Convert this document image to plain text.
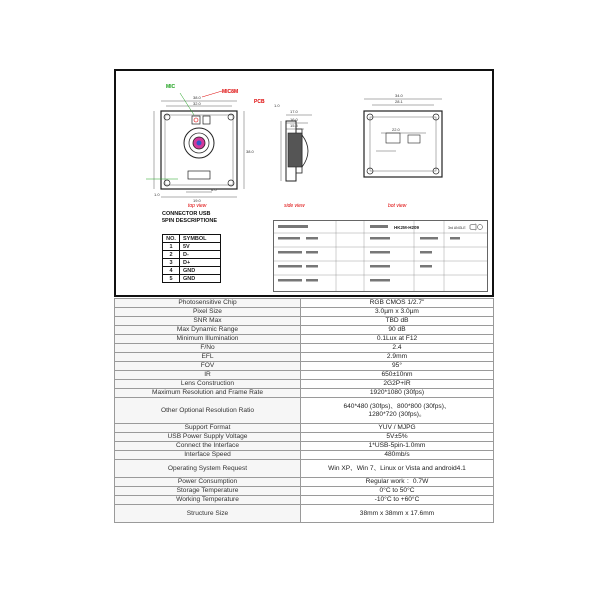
38.0
32.0
38.0
19.0
1.0
6.0
17.0
16.0
15.5
1.0
34.0
28.1
22.0
MIC
MIC8M
PCB
top view	side view	bot view
CONNECTOR USB
5PIN DESCRIPTIONE
NO.	SYMBOL
1	5V
2	D-
3	D+
4	GND
5	GND
HK2M-H209	3rd ANGLE
Photosensitive Chip	RGB CMOS 1/2.7"
Pixel Size	3.0µm x 3.0µm
SNR Max	TBD dB
Max Dynamic Range	90 dB
Minimum Illumination	0.1Lux at F12
F/No	2.4
EFL	2.9mm
FOV	95°
IR	650±10nm
Lens Construction	2G2P+IR
Maximum Resolution and Frame Rate	1920*1080 (30fps)
Other Optional Resolution Ratio	640*480 (30fps)、800*800 (30fps)、
1280*720 (30fps)。
Support Format	YUV / MJPG
USB Power Supply Voltage	5V±5%
Connect the Interface	1*USB-5pin-1.0mm
Interface Speed	480mb/s
Operating System Request	Win XP、Win 7、Linux or Vista and android4.1
Power Consumption	Regular work ：0.7W
Storage Temperature	0°C to 50°C
Working Temperature	-10°C to +60°C
Structure Size	38mm x 38mm x 17.6mm
